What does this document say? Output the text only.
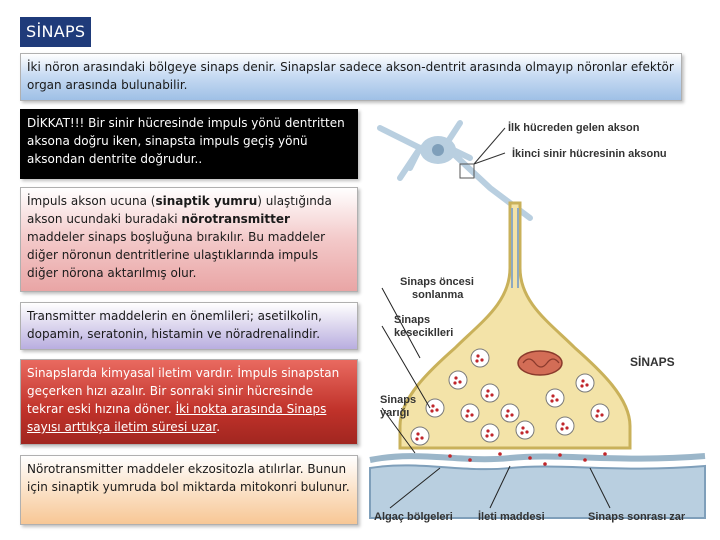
SİNAPS
İki nöron arasındaki bölgeye sinaps denir. Sinapslar sadece akson-dentrit arasında olmayıp nöronlar efektör organ arasında bulunabilir.
DİKKAT!!! Bir sinir hücresinde impuls yönü dentritten aksona doğru iken, sinapsta impuls geçiş yönü aksondan dentrite doğrudur..
İmpuls akson ucuna (sinaptik yumru) ulaştığında akson ucundaki buradaki nörotransmitter maddeler sinaps boşluğuna bırakılır. Bu maddeler diğer nöronun dentritlerine ulaştıklarında impuls diğer nörona aktarılmış olur.
Transmitter maddelerin en önemlileri; asetilkolin, dopamin, seratonin, histamin ve nöradrenalindir.
Sinapslarda kimyasal iletim vardır. İmpuls sinapstan geçerken hızı azalır. Bir sonraki sinir hücresinde tekrar eski hızına döner. İki nokta arasında Sinaps sayısı arttıkça iletim süresi uzar.
Nörotransmitter maddeler ekzositozla atılırlar. Bunun için sinaptik yumruda bol miktarda mitokonri bulunur.
İlk hücreden gelen akson
İkinci sinir hücresinin aksonu
Sinaps öncesi
sonlanma
Sinaps
keseciklleri
SİNAPS
Sinaps
yarığı
Algaç bölgeleri İleti maddesi	Sinaps sonrası zar
